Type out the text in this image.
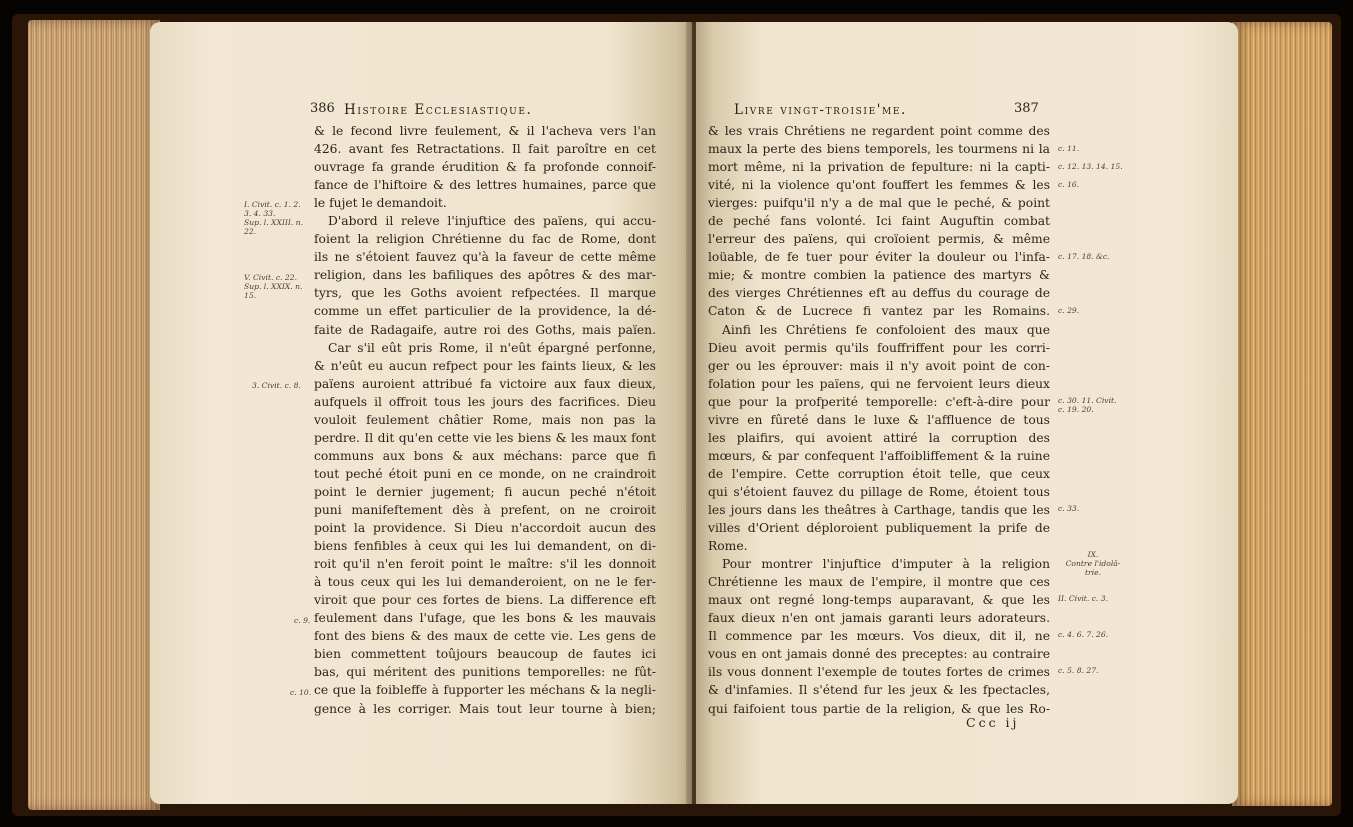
386 Histoire Ecclesiastique.
I. Civit. c. 1. 2.
3. 4. 33.
Sup. l. XXIII. n.
22.
V. Civit. c. 22.
Sup. l. XXIX. n.
15.
3. Civit. c. 8.
c. 9.
c. 10.
& le fecond livre feulement, & il l'acheva vers l'an
426. avant fes Retractations. Il fait paroître en cet
ouvrage fa grande érudition & fa profonde connoif-
fance de l'hiftoire & des lettres humaines, parce que
le fujet le demandoit.
D'abord il releve l'injuftice des païens, qui accu-
foient la religion Chrétienne du fac de Rome, dont
ils ne s'étoient fauvez qu'à la faveur de cette même
religion, dans les bafiliques des apôtres & des mar-
tyrs, que les Goths avoient refpectées. Il marque
comme un effet particulier de la providence, la dé-
faite de Radagaife, autre roi des Goths, mais païen.
Car s'il eût pris Rome, il n'eût épargné perfonne,
& n'eût eu aucun refpect pour les faints lieux, & les
païens auroient attribué fa victoire aux faux dieux,
aufquels il offroit tous les jours des facrifices. Dieu
vouloit feulement châtier Rome, mais non pas la
perdre. Il dit qu'en cette vie les biens & les maux font
communs aux bons & aux méchans: parce que fi
tout peché étoit puni en ce monde, on ne craindroit
point le dernier jugement; fi aucun peché n'étoit
puni manifeftement dès à prefent, on ne croiroit
point la providence. Si Dieu n'accordoit aucun des
biens fenfibles à ceux qui les lui demandent, on di-
roit qu'il n'en feroit point le maître: s'il les donnoit
à tous ceux qui les lui demanderoient, on ne le fer-
viroit que pour ces fortes de biens. La difference eft
feulement dans l'ufage, que les bons & les mauvais
font des biens & des maux de cette vie. Les gens de
bien commettent toûjours beaucoup de fautes ici
bas, qui méritent des punitions temporelles: ne fût-
ce que la foibleffe à fupporter les méchans & la negli-
gence à les corriger. Mais tout leur tourne à bien;
Livre vingt-troisie'me.	387
& les vrais Chrétiens ne regardent point comme des
maux la perte des biens temporels, les tourmens ni la
mort même, ni la privation de fepulture: ni la capti-
vité, ni la violence qu'ont fouffert les femmes & les
vierges: puifqu'il n'y a de mal que le peché, & point
de peché fans volonté. Ici faint Auguftin combat
l'erreur des païens, qui croïoient permis, & même
loüable, de fe tuer pour éviter la douleur ou l'infa-
mie; & montre combien la patience des martyrs &
des vierges Chrétiennes eft au deffus du courage de
Caton & de Lucrece fi vantez par les Romains.
Ainfi les Chrétiens fe confoloient des maux que
Dieu avoit permis qu'ils fouffriffent pour les corri-
ger ou les éprouver: mais il n'y avoit point de con-
folation pour les païens, qui ne fervoient leurs dieux
que pour la profperité temporelle: c'eft-à-dire pour
vivre en fûreté dans le luxe & l'affluence de tous
les plaifirs, qui avoient attiré la corruption des
mœurs, & par confequent l'affoibliffement & la ruine
de l'empire. Cette corruption étoit telle, que ceux
qui s'étoient fauvez du pillage de Rome, étoient tous
les jours dans les theâtres à Carthage, tandis que les
villes d'Orient déploroient publiquement la prife de
Rome.
Pour montrer l'injuftice d'imputer à la religion
Chrétienne les maux de l'empire, il montre que ces
maux ont regné long-temps auparavant, & que les
faux dieux n'en ont jamais garanti leurs adorateurs.
Il commence par les mœurs. Vos dieux, dit il, ne
vous en ont jamais donné des preceptes: au contraire
ils vous donnent l'exemple de toutes fortes de crimes
& d'infamies. Il s'étend fur les jeux & les fpectacles,
qui faifoient tous partie de la religion, & que les Ro-
Ccc ij
c. 11.
c. 12. 13. 14. 15.
c. 16.
c. 17. 18. &c.
c. 29.
c. 30. 11. Civit.
c. 19. 20.
c. 33.
IX.
Contre l'idolâ-
trie.
II. Civit. c. 3.
c. 4. 6. 7. 26.
c. 5. 8. 27.
